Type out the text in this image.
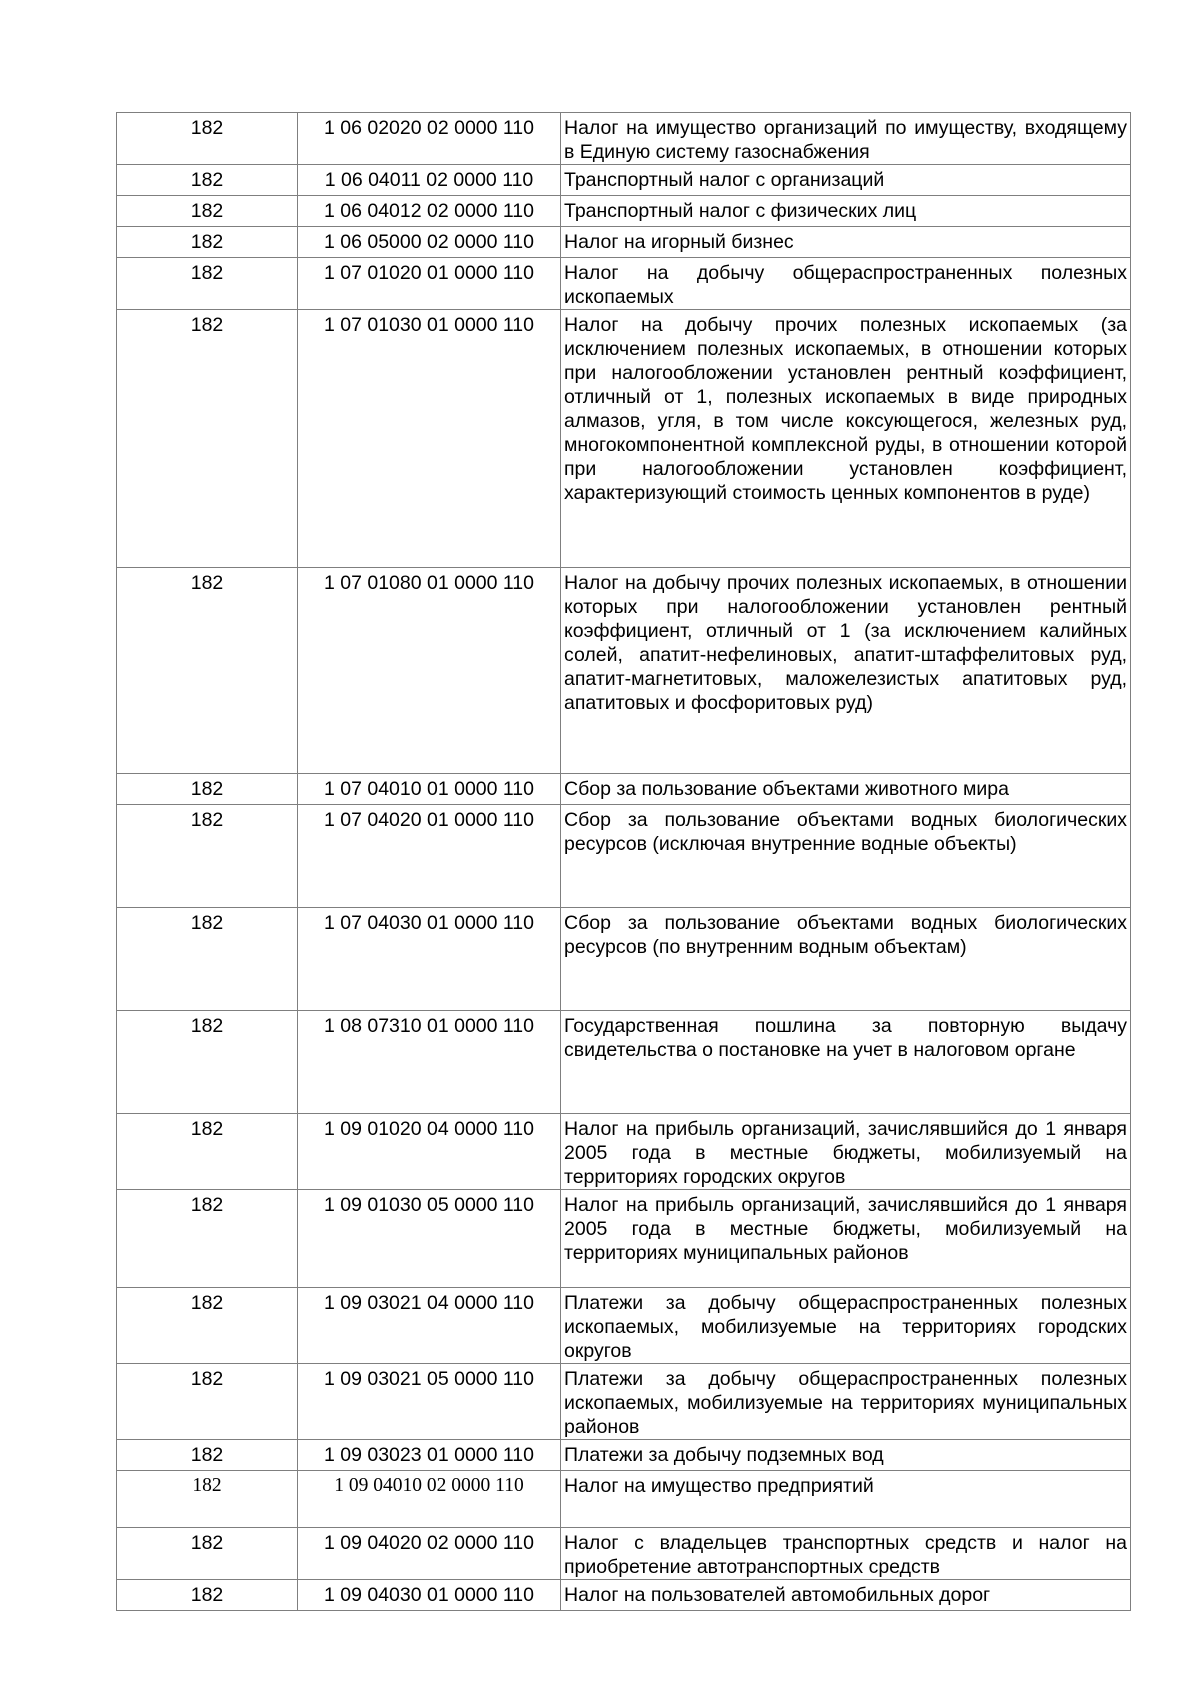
182	1 06 02020 02 0000 110	Налог на имущество организаций по имуществу, входящему в Единую систему газоснабжения
182	1 06 04011 02 0000 110	Транспортный налог с организаций
182	1 06 04012 02 0000 110	Транспортный налог с физических лиц
182	1 06 05000 02 0000 110	Налог на игорный бизнес
182	1 07 01020 01 0000 110	Налог на добычу общераспространенных полезных ископаемых
182	1 07 01030 01 0000 110	Налог на добычу прочих полезных ископаемых (за исключением полезных ископаемых, в отношении которых при налогообложении установлен рентный коэффициент, отличный от 1, полезных ископаемых в виде природных алмазов, угля, в том числе коксующегося, железных руд, многокомпонентной комплексной руды, в отношении которой при налогообложении установлен коэффициент, характеризующий стоимость ценных компонентов в руде)
182	1 07 01080 01 0000 110	Налог на добычу прочих полезных ископаемых, в отношении которых при налогообложении установлен рентный коэффициент, отличный от 1 (за исключением калийных солей, апатит-нефелиновых, апатит-штаффелитовых руд, апатит-магнетитовых, маложелезистых апатитовых руд, апатитовых и фосфоритовых руд)
182	1 07 04010 01 0000 110	Сбор за пользование объектами животного мира
182	1 07 04020 01 0000 110	Сбор за пользование объектами водных биологических ресурсов (исключая внутренние водные объекты)
182	1 07 04030 01 0000 110	Сбор за пользование объектами водных биологических ресурсов (по внутренним водным объектам)
182	1 08 07310 01 0000 110	Государственная пошлина за повторную выдачу свидетельства о постановке на учет в налоговом органе
182	1 09 01020 04 0000 110	Налог на прибыль организаций, зачислявшийся до 1 января 2005 года в местные бюджеты, мобилизуемый на территориях городских округов
182	1 09 01030 05 0000 110	Налог на прибыль организаций, зачислявшийся до 1 января 2005 года в местные бюджеты, мобилизуемый на территориях муниципальных районов
182	1 09 03021 04 0000 110	Платежи за добычу общераспространенных полезных ископаемых, мобилизуемые на территориях городских округов
182	1 09 03021 05 0000 110	Платежи за добычу общераспространенных полезных ископаемых, мобилизуемые на территориях муниципальных районов
182	1 09 03023 01 0000 110	Платежи за добычу подземных вод
182	1 09 04010 02 0000 110	Налог на имущество предприятий
182	1 09 04020 02 0000 110	Налог с владельцев транспортных средств и налог на приобретение автотранспортных средств
182	1 09 04030 01 0000 110	Налог на пользователей автомобильных дорог
